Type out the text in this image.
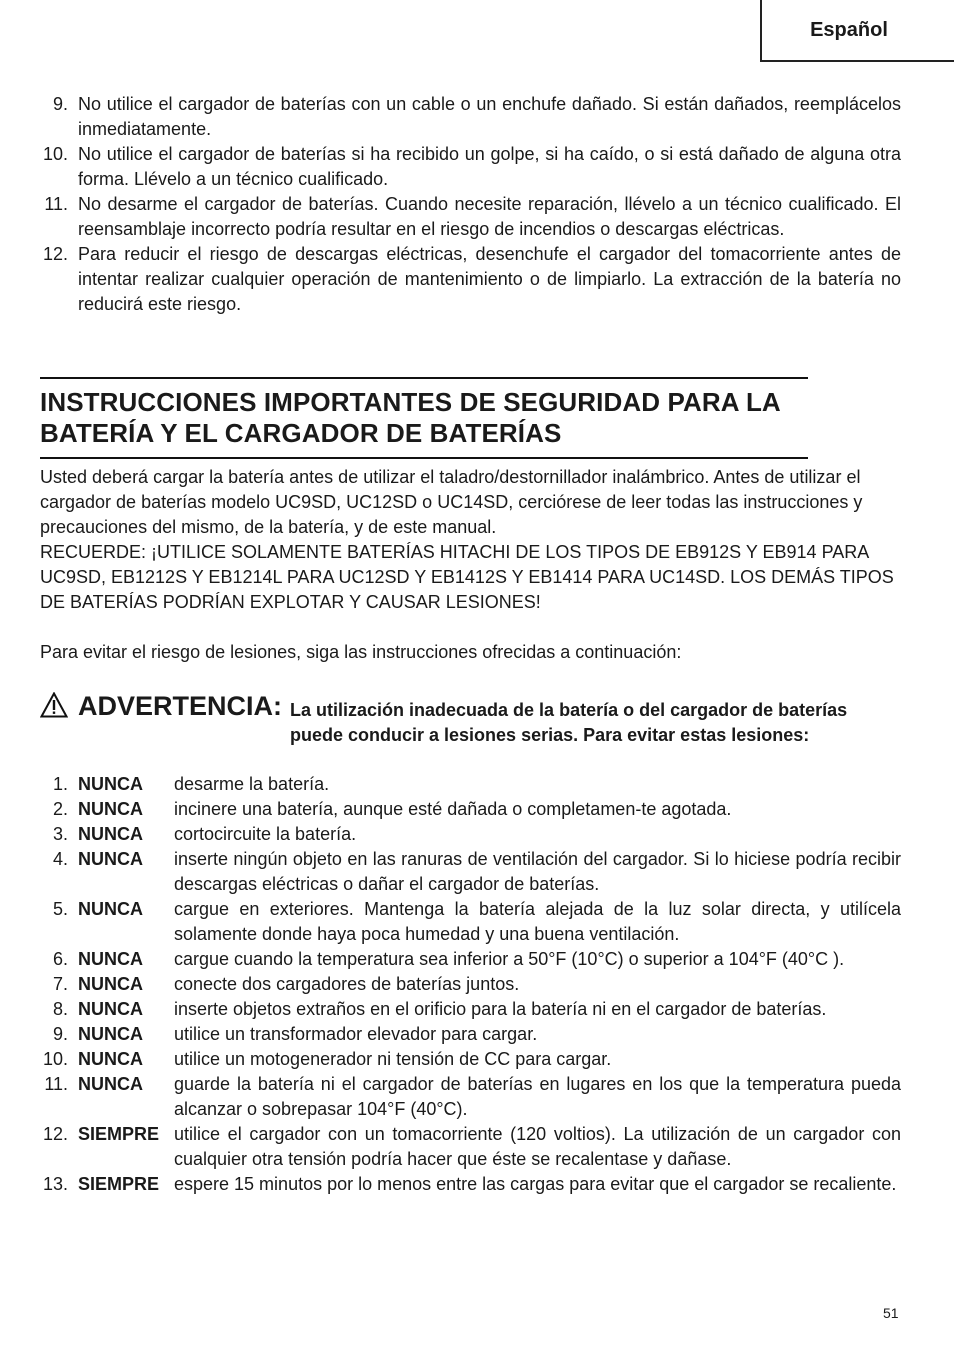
Español
9. No utilice el cargador de baterías con un cable o un enchufe dañado. Si están dañados, reemplácelos inmediatamente.
10. No utilice el cargador de baterías si ha recibido un golpe, si ha caído, o si está dañado de alguna otra forma. Llévelo a un técnico cualificado.
11. No desarme el cargador de baterías. Cuando necesite reparación, llévelo a un técnico cualificado. El reensamblaje incorrecto podría resultar en el riesgo de incendios o descargas eléctricas.
12. Para reducir el riesgo de descargas eléctricas, desenchufe el cargador del tomacorriente antes de intentar realizar cualquier operación de mantenimiento o de limpiarlo. La extracción de la batería no reducirá este riesgo.
INSTRUCCIONES IMPORTANTES DE SEGURIDAD PARA LA
BATERÍA Y EL CARGADOR DE BATERÍAS

Usted deberá cargar la batería antes de utilizar el taladro/destornillador inalámbrico. Antes de utilizar el cargador de baterías modelo UC9SD, UC12SD o UC14SD, cerciórese de leer todas las instrucciones y precauciones del mismo, de la batería, y de este manual.

RECUERDE: ¡UTILICE SOLAMENTE BATERÍAS HITACHI DE LOS TIPOS DE EB912S Y EB914 PARA UC9SD, EB1212S Y EB1214L PARA UC12SD Y EB1412S Y EB1414 PARA UC14SD. LOS DEMÁS TIPOS DE BATERÍAS PODRÍAN EXPLOTAR Y CAUSAR LESIONES!

Para evitar el riesgo de lesiones, siga las instrucciones ofrecidas a continuación:

ADVERTENCIA: La utilización inadecuada de la batería o del cargador de baterías puede conducir a lesiones serias. Para evitar estas lesiones:
1. NUNCA desarme la batería.
2. NUNCA incinere una batería, aunque esté dañada o completamen-te agotada.
3. NUNCA cortocircuite la batería.
4. NUNCA inserte ningún objeto en las ranuras de ventilación del cargador. Si lo hiciese podría recibir descargas eléctricas o dañar el cargador de baterías.
5. NUNCA cargue en exteriores. Mantenga la batería alejada de la luz solar directa, y utilícela solamente donde haya poca humedad y una buena ventilación.
6. NUNCA cargue cuando la temperatura sea inferior a 50°F (10°C) o superior a 104°F (40°C ).
7. NUNCA conecte dos cargadores de baterías juntos.
8. NUNCA inserte objetos extraños en el orificio para la batería ni en el cargador de baterías.
9. NUNCA utilice un transformador elevador para cargar.
10. NUNCA utilice un motogenerador ni tensión de CC para cargar.
11. NUNCA guarde la batería ni el cargador de baterías en lugares en los que la temperatura pueda alcanzar o sobrepasar 104°F (40°C).
12. SIEMPRE utilice el cargador con un tomacorriente (120 voltios). La utilización de un cargador con cualquier otra tensión podría hacer que éste se recalentase y dañase.
13. SIEMPRE espere 15 minutos por lo menos entre las cargas para evitar que el cargador se recaliente.
51
